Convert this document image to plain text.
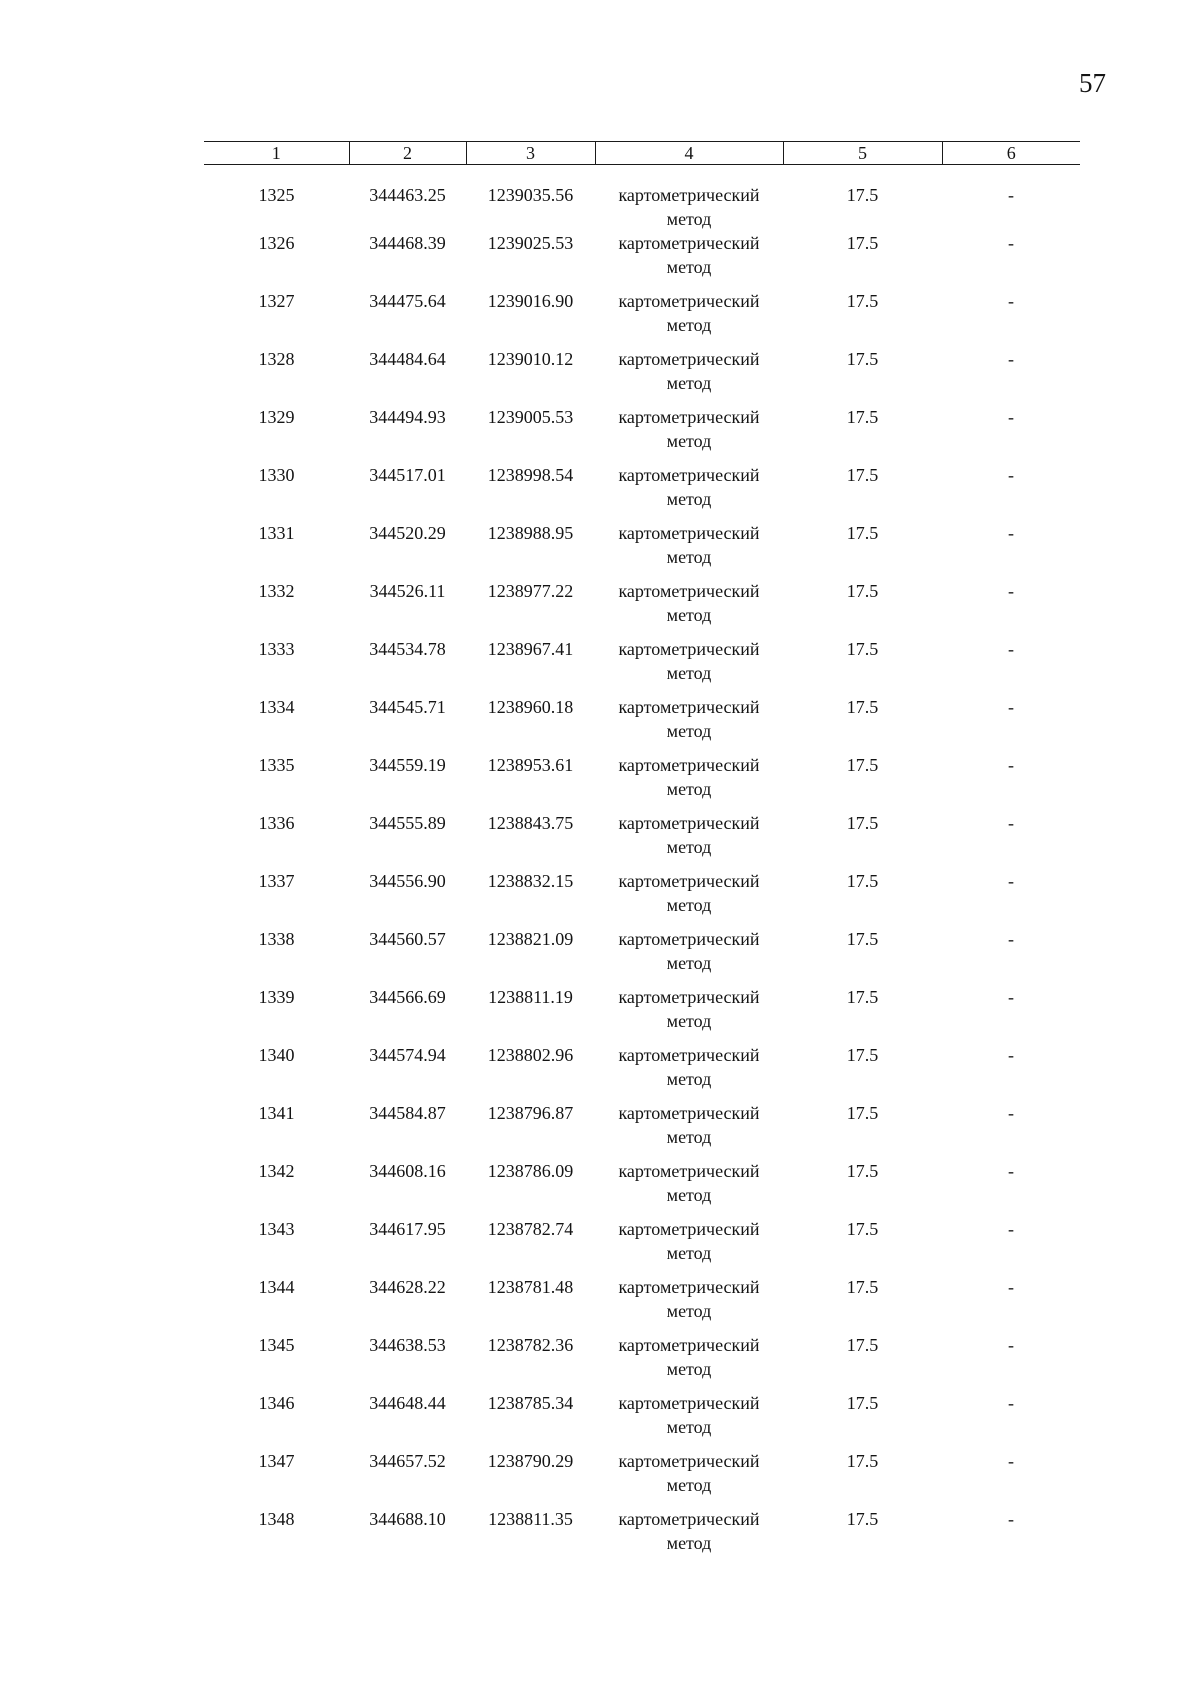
57
1	2	3	4	5	6
1325	344463.25	1239035.56	картометрический метод	17.5	-
1326	344468.39	1239025.53	картометрический метод	17.5	-
1327	344475.64	1239016.90	картометрический метод	17.5	-
1328	344484.64	1239010.12	картометрический метод	17.5	-
1329	344494.93	1239005.53	картометрический метод	17.5	-
1330	344517.01	1238998.54	картометрический метод	17.5	-
1331	344520.29	1238988.95	картометрический метод	17.5	-
1332	344526.11	1238977.22	картометрический метод	17.5	-
1333	344534.78	1238967.41	картометрический метод	17.5	-
1334	344545.71	1238960.18	картометрический метод	17.5	-
1335	344559.19	1238953.61	картометрический метод	17.5	-
1336	344555.89	1238843.75	картометрический метод	17.5	-
1337	344556.90	1238832.15	картометрический метод	17.5	-
1338	344560.57	1238821.09	картометрический метод	17.5	-
1339	344566.69	1238811.19	картометрический метод	17.5	-
1340	344574.94	1238802.96	картометрический метод	17.5	-
1341	344584.87	1238796.87	картометрический метод	17.5	-
1342	344608.16	1238786.09	картометрический метод	17.5	-
1343	344617.95	1238782.74	картометрический метод	17.5	-
1344	344628.22	1238781.48	картометрический метод	17.5	-
1345	344638.53	1238782.36	картометрический метод	17.5	-
1346	344648.44	1238785.34	картометрический метод	17.5	-
1347	344657.52	1238790.29	картометрический метод	17.5	-
1348	344688.10	1238811.35	картометрический метод	17.5	-
